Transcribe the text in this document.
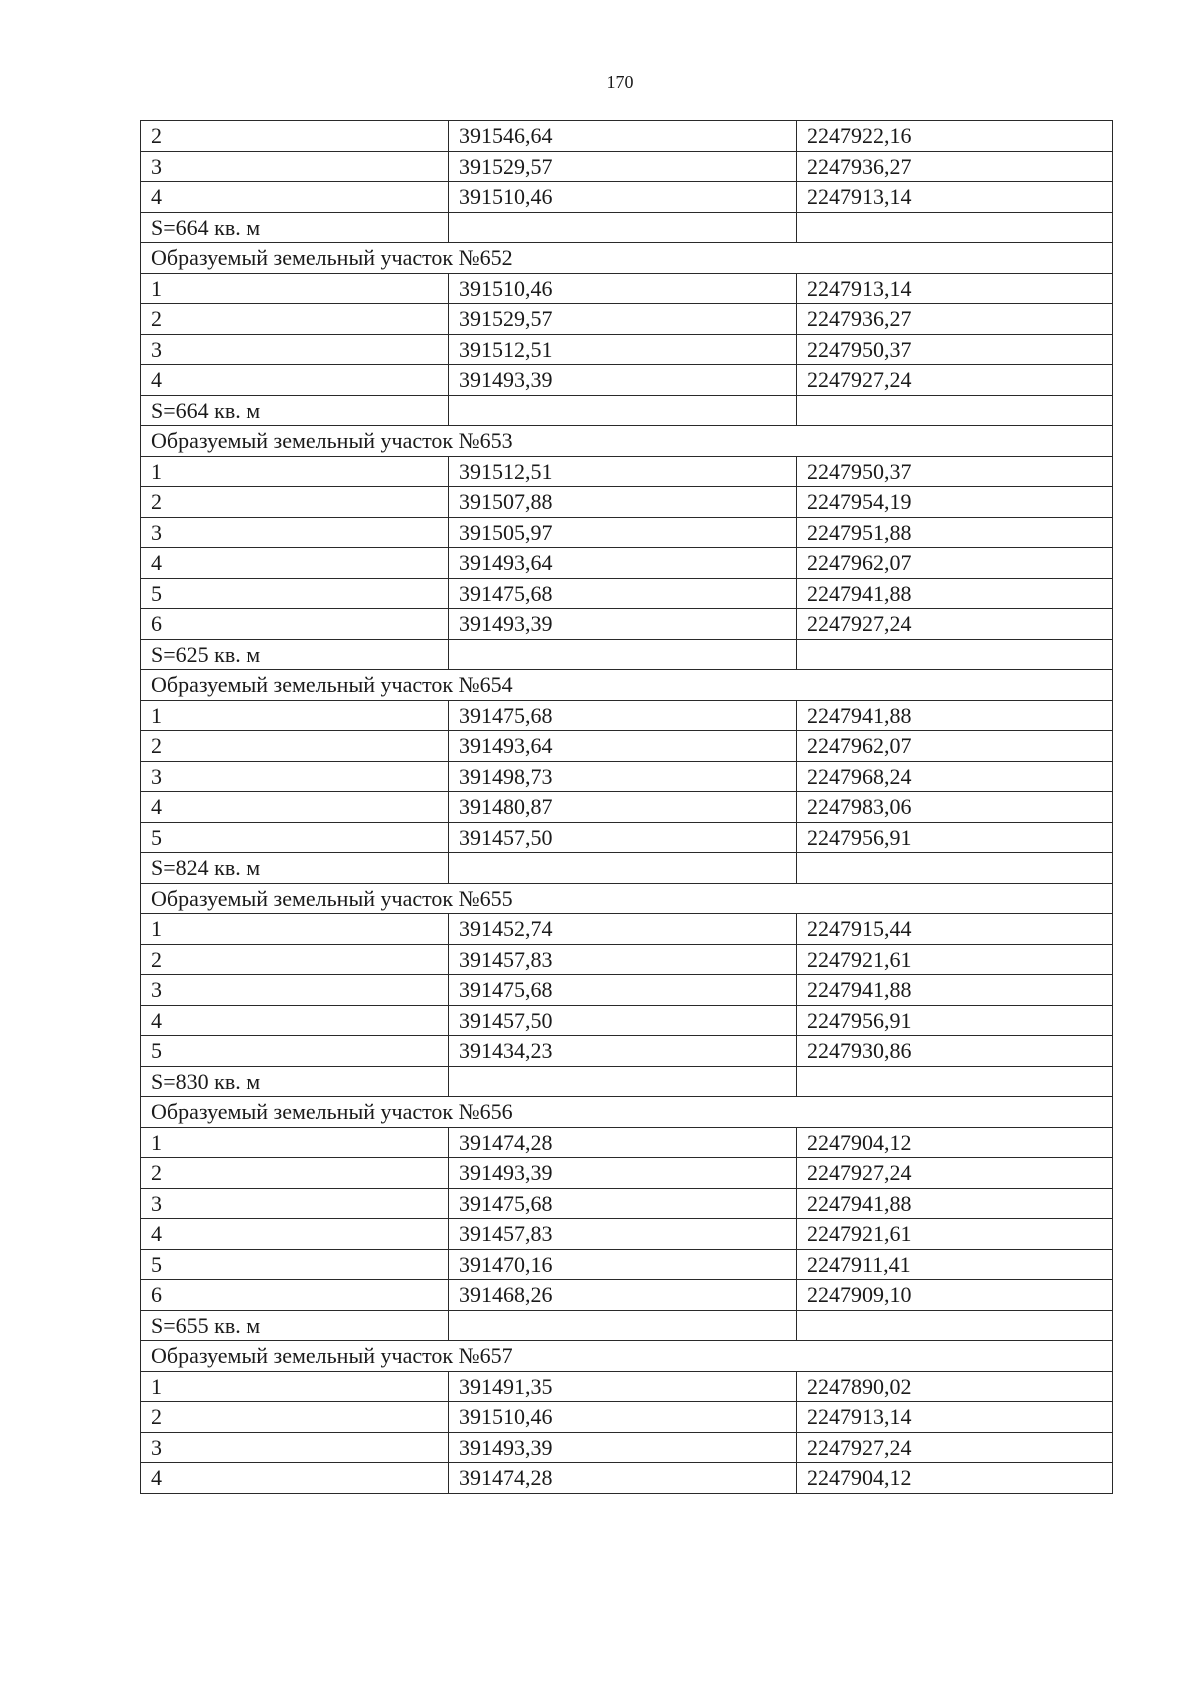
170
2	391546,64	2247922,16
3	391529,57	2247936,27
4	391510,46	2247913,14
S=664 кв. м		
Образуемый земельный участок №652		
1	391510,46	2247913,14
2	391529,57	2247936,27
3	391512,51	2247950,37
4	391493,39	2247927,24
S=664 кв. м		
Образуемый земельный участок №653		
1	391512,51	2247950,37
2	391507,88	2247954,19
3	391505,97	2247951,88
4	391493,64	2247962,07
5	391475,68	2247941,88
6	391493,39	2247927,24
S=625 кв. м		
Образуемый земельный участок №654		
1	391475,68	2247941,88
2	391493,64	2247962,07
3	391498,73	2247968,24
4	391480,87	2247983,06
5	391457,50	2247956,91
S=824 кв. м		
Образуемый земельный участок №655		
1	391452,74	2247915,44
2	391457,83	2247921,61
3	391475,68	2247941,88
4	391457,50	2247956,91
5	391434,23	2247930,86
S=830 кв. м		
Образуемый земельный участок №656		
1	391474,28	2247904,12
2	391493,39	2247927,24
3	391475,68	2247941,88
4	391457,83	2247921,61
5	391470,16	2247911,41
6	391468,26	2247909,10
S=655 кв. м		
Образуемый земельный участок №657		
1	391491,35	2247890,02
2	391510,46	2247913,14
3	391493,39	2247927,24
4	391474,28	2247904,12
